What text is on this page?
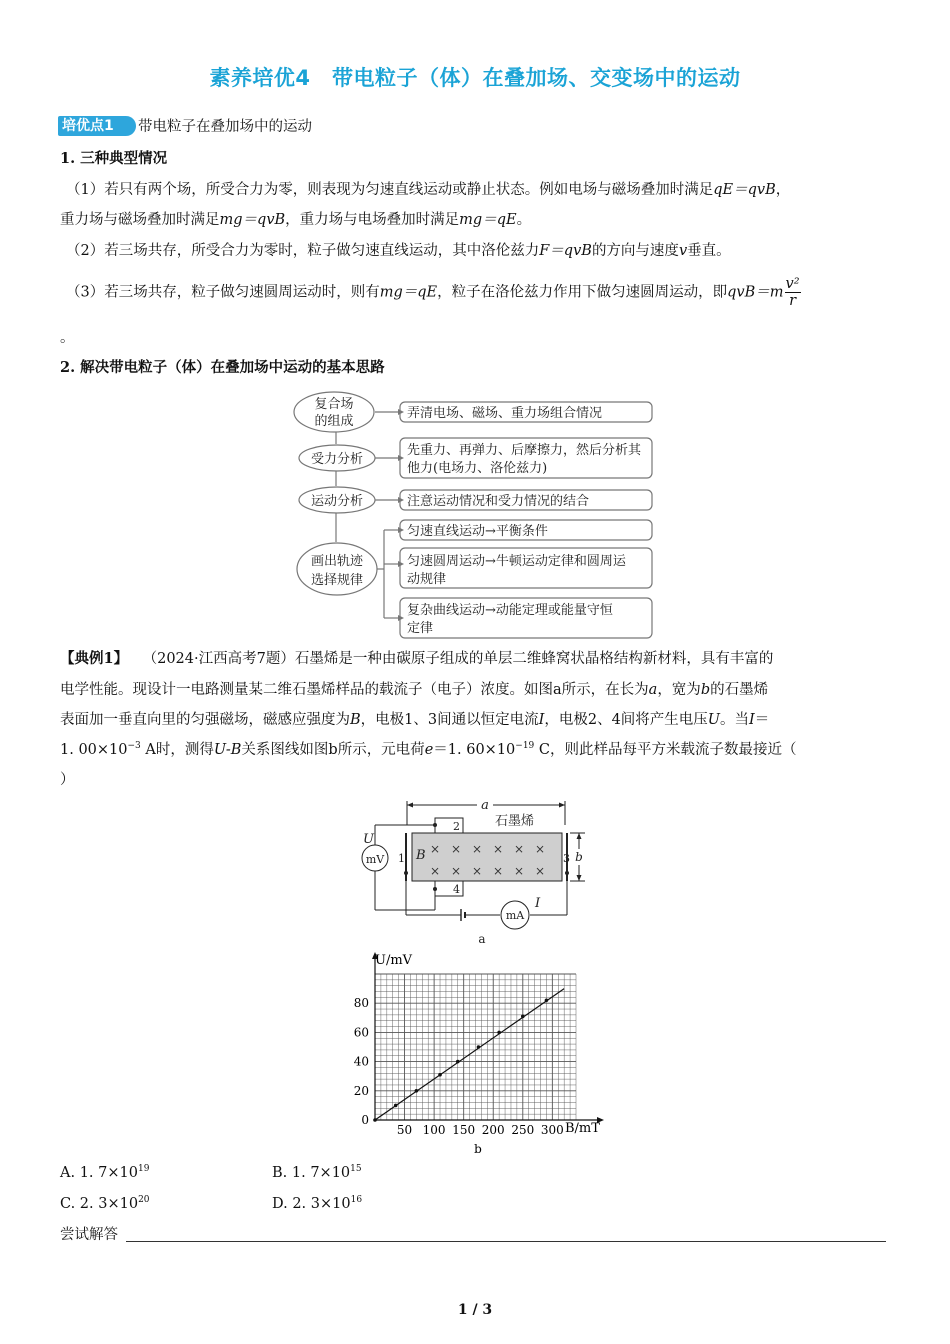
素养培优4　带电粒子（体）在叠加场、交变场中的运动
培优点1	带电粒子在叠加场中的运动
1. 三种典型情况
（1）若只有两个场，所受合力为零，则表现为匀速直线运动或静止状态。例如电场与磁场叠加时满足qE＝qvB，
重力场与磁场叠加时满足mg＝qvB，重力场与电场叠加时满足mg＝qE。
（2）若三场共存，所受合力为零时，粒子做匀速直线运动，其中洛伦兹力F＝qvB的方向与速度v垂直。
（3）若三场共存，粒子做匀速圆周运动时，则有mg＝qE，粒子在洛伦兹力作用下做匀速圆周运动，即$qvB=m \frac{\text{v²}}{r}$
。
2. 解决带电粒子（体）在叠加场中运动的基本思路
复合场
的组成
受力分析
运动分析
画出轨迹
选择规律
弄清电场、磁场、重力场组合情况
先重力、再弹力、后摩擦力，然后分析其
他力(电场力、洛伦兹力)
注意运动情况和受力情况的结合
匀速直线运动→平衡条件
匀速圆周运动→牛顿运动定律和圆周运
动规律
复杂曲线运动→动能定理或能量守恒
定律
【典例1】　　 （2024·江西高考7题）石墨烯是一种由碳原子组成的单层二维蜂窝状晶格结构新材料，具有丰富的
电学性能。现设计一电路测量某二维石墨烯样品的载流子（电子）浓度。如图a所示，在长为a，宽为b的石墨烯
表面加一垂直向里的匀强磁场，磁感应强度为B，电极1、3间通以恒定电流I，电极2、4间将产生电压U。当I＝
1. $00\times 10^{-3}$ A时，测得U-B关系图线如图b所示，元电荷e＝1. $60\times 10^{-19}$ C，则此样品每平方米载流子数最接近（
）
× × × × × ×
× × × × × ×
a
石墨烯
U
mV
mA
I
B	b
1
2
3
4
a
50 100 150 200 250 300
0
20
40
60
80
U/mV
B/mT
b
A. 1. $7\times 10^{19}$	B. 1. $7\times 10^{15}$
C. 2. $3\times 10^{20}$	D. 2. $3\times 10^{16}$
尝试解答
1 / 3
